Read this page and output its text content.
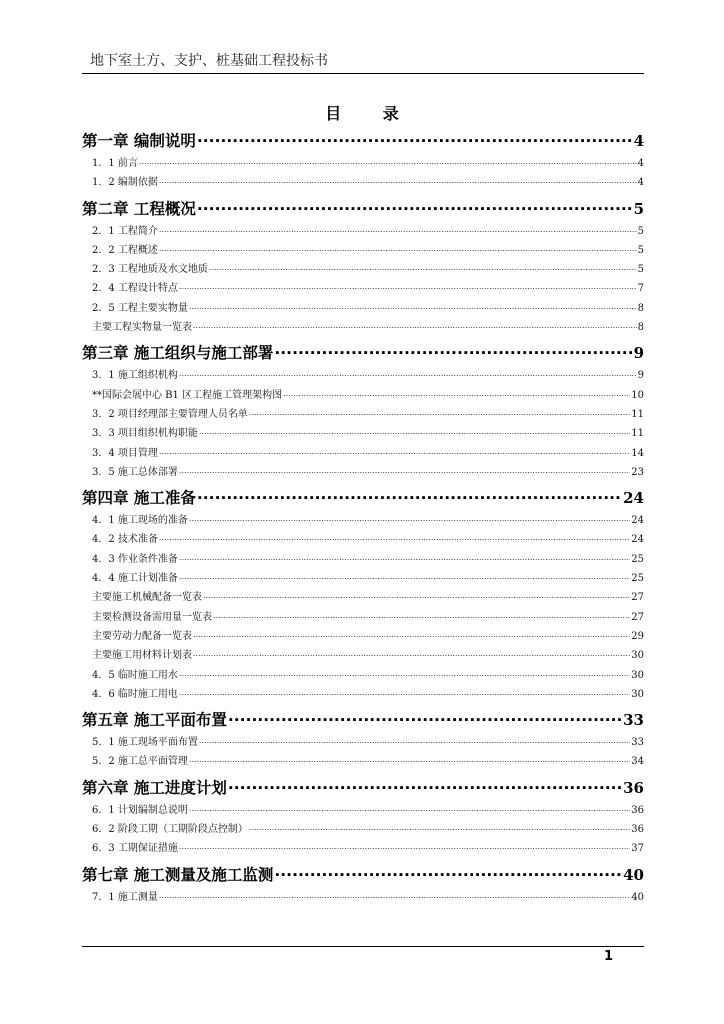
地下室土方、支护、桩基础工程投标书
目 录
第一章 编制说明 .....	4
1．1 前言 .....	4
1．2 编制依据 .....	4
第二章 工程概况 .....	5
2．1 工程简介 .....	5
2．2 工程概述 .....	5
2．3 工程地质及水文地质 .....	5
2．4 工程设计特点 .....	7
2．5 工程主要实物量 .....	8
主要工程实物量一览表 .....	8
第三章 施工组织与施工部署 .....	9
3．1 施工组织机构 .....	9
**国际会展中心 B1 区工程施工管理架构图 .....	10
3．2 项目经理部主要管理人员名单 .....	11
3．3 项目组织机构职能 .....	11
3．4 项目管理 .....	14
3．5 施工总体部署 .....	23
第四章 施工准备 .....	24
4．1 施工现场的准备 .....	24
4．2 技术准备 .....	24
4．3 作业条件准备 .....	25
4．4 施工计划准备 .....	25
主要施工机械配备一览表 .....	27
主要检测设备需用量一览表 .....	27
主要劳动力配备一览表 .....	29
主要施工用材料计划表 .....	30
4．5 临时施工用水 .....	30
4．6 临时施工用电 .....	30
第五章 施工平面布置 .....	33
5．1 施工现场平面布置 .....	33
5．2 施工总平面管理 .....	34
第六章 施工进度计划 .....	36
6．1 计划编制总说明 .....	36
6．2 阶段工期（工期阶段点控制） .....	36
6．3 工期保证措施 .....	37
第七章 施工测量及施工监测 .....	40
7．1 施工测量 .....	40
1
